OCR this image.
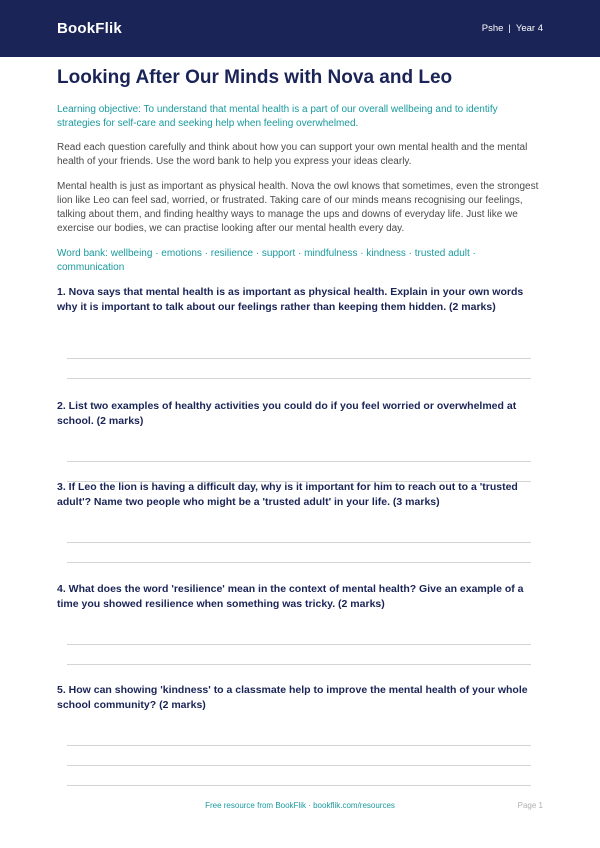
BookFlik	Pshe | Year 4
Looking After Our Minds with Nova and Leo
Learning objective: To understand that mental health is a part of our overall wellbeing and to identify strategies for self-care and seeking help when feeling overwhelmed.
Read each question carefully and think about how you can support your own mental health and the mental health of your friends. Use the word bank to help you express your ideas clearly.
Mental health is just as important as physical health. Nova the owl knows that sometimes, even the strongest lion like Leo can feel sad, worried, or frustrated. Taking care of our minds means recognising our feelings, talking about them, and finding healthy ways to manage the ups and downs of everyday life. Just like we exercise our bodies, we can practise looking after our mental health every day.
Word bank: wellbeing · emotions · resilience · support · mindfulness · kindness · trusted adult · communication
1. Nova says that mental health is as important as physical health. Explain in your own words why it is important to talk about our feelings rather than keeping them hidden. (2 marks)
2. List two examples of healthy activities you could do if you feel worried or overwhelmed at school. (2 marks)
3. If Leo the lion is having a difficult day, why is it important for him to reach out to a 'trusted adult'? Name two people who might be a 'trusted adult' in your life. (3 marks)
4. What does the word 'resilience' mean in the context of mental health? Give an example of a time you showed resilience when something was tricky. (2 marks)
5. How can showing 'kindness' to a classmate help to improve the mental health of your whole school community? (2 marks)
Free resource from BookFlik · bookflik.com/resources	Page 1
